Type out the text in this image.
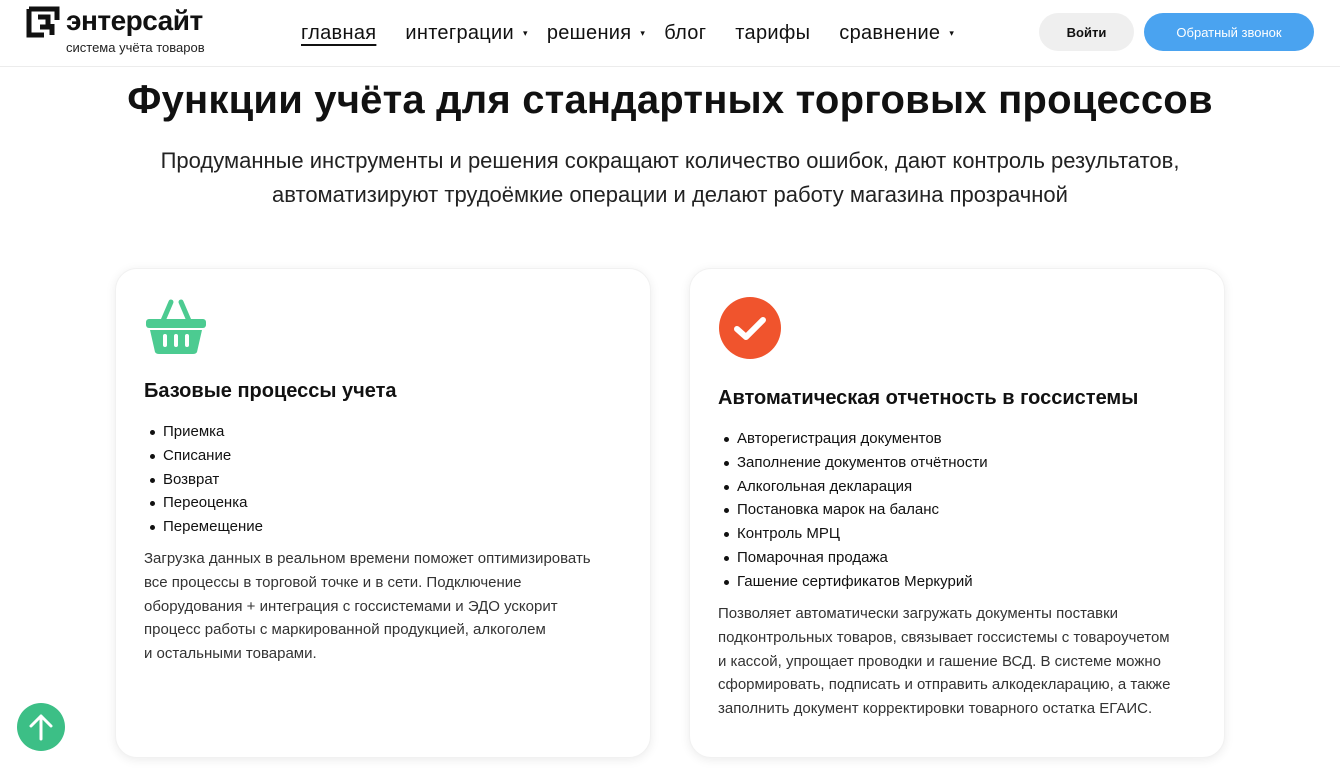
энтерсайт
система учёта товаров
главная интеграции ▾ решения ▾ блог тарифы сравнение ▾	Войти	Обратный звонок
Функции учёта для стандартных торговых процессов
Продуманные инструменты и решения сокращают количество ошибок, дают контроль результатов,
автоматизируют трудоёмкие операции и делают работу магазина прозрачной
Базовые процессы учета
Приемка
Списание
Возврат
Переоценка
Перемещение
Загрузка данных в реальном времени поможет оптимизировать
все процессы в торговой точке и в сети. Подключение
оборудования + интеграция с госсистемами и ЭДО ускорит
процесс работы с маркированной продукцией, алкоголем
и остальными товарами.
Автоматическая отчетность в госсистемы
Авторегистрация документов
Заполнение документов отчётности
Алкогольная декларация
Постановка марок на баланс
Контроль МРЦ
Помарочная продажа
Гашение сертификатов Меркурий
Позволяет автоматически загружать документы поставки
подконтрольных товаров, связывает госсистемы с товароучетом
и кассой, упрощает проводки и гашение ВСД. В системе можно
сформировать, подписать и отправить алкодекларацию, а также
заполнить документ корректировки товарного остатка ЕГАИС.
